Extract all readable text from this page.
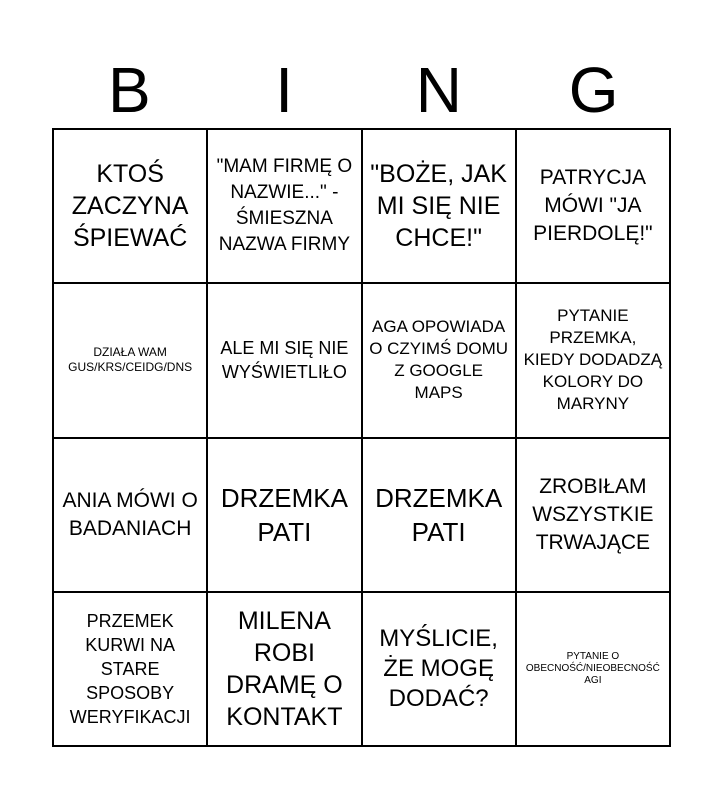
B	I	N	G
KTOŚ ZACZYNA ŚPIEWAĆ
"MAM FIRMĘ O NAZWIE..." - ŚMIESZNA NAZWA FIRMY
"BOŻE, JAK MI SIĘ NIE CHCE!"
PATRYCJA MÓWI "JA PIERDOLĘ!"
DZIAŁA WAM GUS/KRS/CEIDG/DNS
ALE MI SIĘ NIE WYŚWIETLIŁO
AGA OPOWIADA O CZYIMŚ DOMU Z GOOGLE MAPS
PYTANIE PRZEMKA, KIEDY DODADZĄ KOLORY DO MARYNY
ANIA MÓWI O BADANIACH
DRZEMKA PATI
DRZEMKA PATI
ZROBIŁAM WSZYSTKIE TRWAJĄCE
PRZEMEK KURWI NA STARE SPOSOBY WERYFIKACJI
MILENA ROBI DRAMĘ O KONTAKT
MYŚLICIE, ŻE MOGĘ DODAĆ?
PYTANIE O OBECNOŚĆ/NIEOBECNOŚĆ AGI
